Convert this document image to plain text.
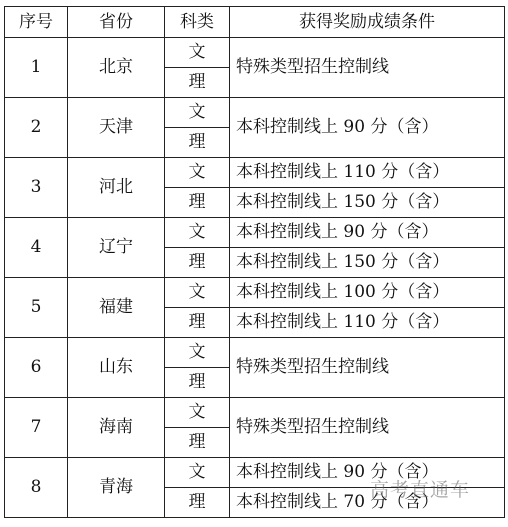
序号	省份	科类	获得奖励成绩条件
1	北京	文	特殊类型招生控制线
		理	
2	天津	文	本科控制线上 90 分（含）
		理	
3	河北	文	本科控制线上 110 分（含）
		理	本科控制线上 150 分（含）
4	辽宁	文	本科控制线上 90 分（含）
		理	本科控制线上 150 分（含）
5	福建	文	本科控制线上 100 分（含）
		理	本科控制线上 110 分（含）
6	山东	文	特殊类型招生控制线
		理	
7	海南	文	特殊类型招生控制线
		理	
8	青海	文	本科控制线上 90 分（含）
		理	本科控制线上 70 分（含）
高考直通车
